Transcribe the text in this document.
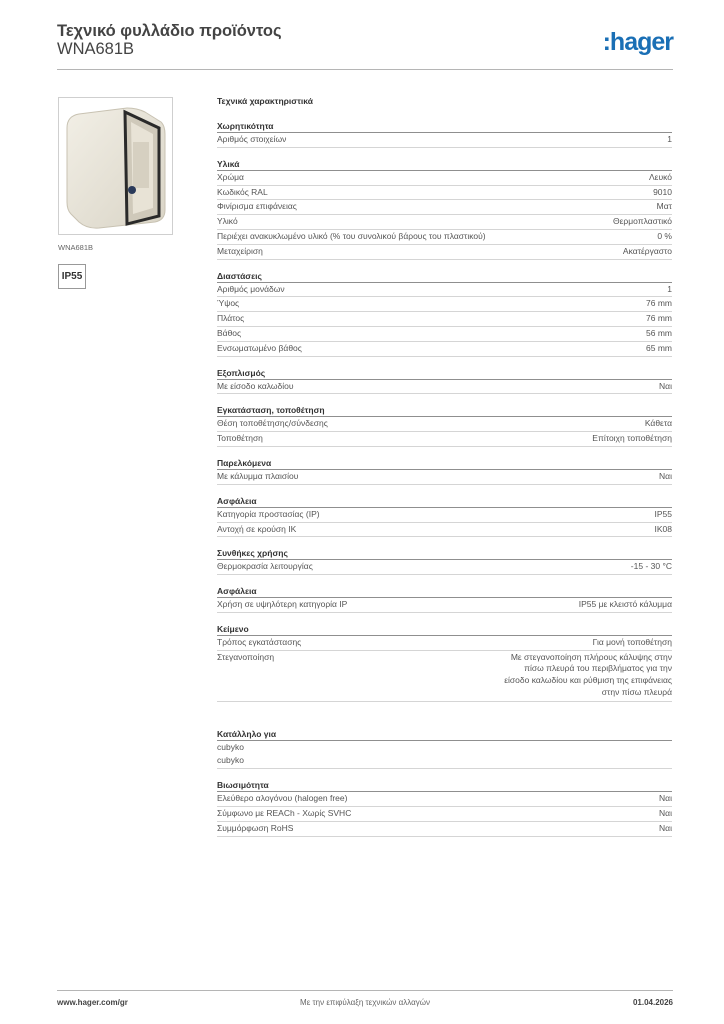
Τεχνικό φυλλάδιο προϊόντος
WNA681B	:hager
WNA681B
IP55
Τεχνικά χαρακτηριστικά
Χωρητικότητα
Αριθμός στοιχείων	1
Υλικά
Χρώμα	Λευκό
Κωδικός RAL	9010
Φινίρισμα επιφάνειας	Ματ
Υλικό	Θερμοπλαστικό
Περιέχει ανακυκλωμένο υλικό (% του συνολικού βάρους του πλαστικού)	0 %
Μεταχείριση	Ακατέργαστο
Διαστάσεις
Αριθμός μονάδων	1
Ύψος	76 mm
Πλάτος	76 mm
Βάθος	56 mm
Ενσωματωμένο βάθος	65 mm
Εξοπλισμός
Με είσοδο καλωδίου	Ναι
Εγκατάσταση, τοποθέτηση
Θέση τοποθέτησης/σύνδεσης	Κάθετα
Τοποθέτηση	Επίτοιχη τοποθέτηση
Παρελκόμενα
Με κάλυμμα πλαισίου	Ναι
Ασφάλεια
Κατηγορία προστασίας (IP)	IP55
Αντοχή σε κρούση IK	IK08
Συνθήκες χρήσης
Θερμοκρασία λειτουργίας	-15 - 30 °C
Ασφάλεια
Χρήση σε υψηλότερη κατηγορία IP	IP55 με κλειστό κάλυμμα
Κείμενο
Τρόπος εγκατάστασης	Για μονή τοποθέτηση
Στεγανοποίηση	Με στεγανοποίηση πλήρους κάλυψης στην πίσω πλευρά του περιβλήματος για την είσοδο καλωδίου και ρύθμιση της επιφάνειας στην πίσω πλευρά
Κατάλληλο για
cubyko
cubyko
Βιωσιμότητα
Ελεύθερο αλογόνου (halogen free)	Ναι
Σύμφωνο με REACh - Χωρίς SVHC	Ναι
Συμμόρφωση RoHS	Ναι
www.hager.com/gr	Με την επιφύλαξη τεχνικών αλλαγών	01.04.2026
